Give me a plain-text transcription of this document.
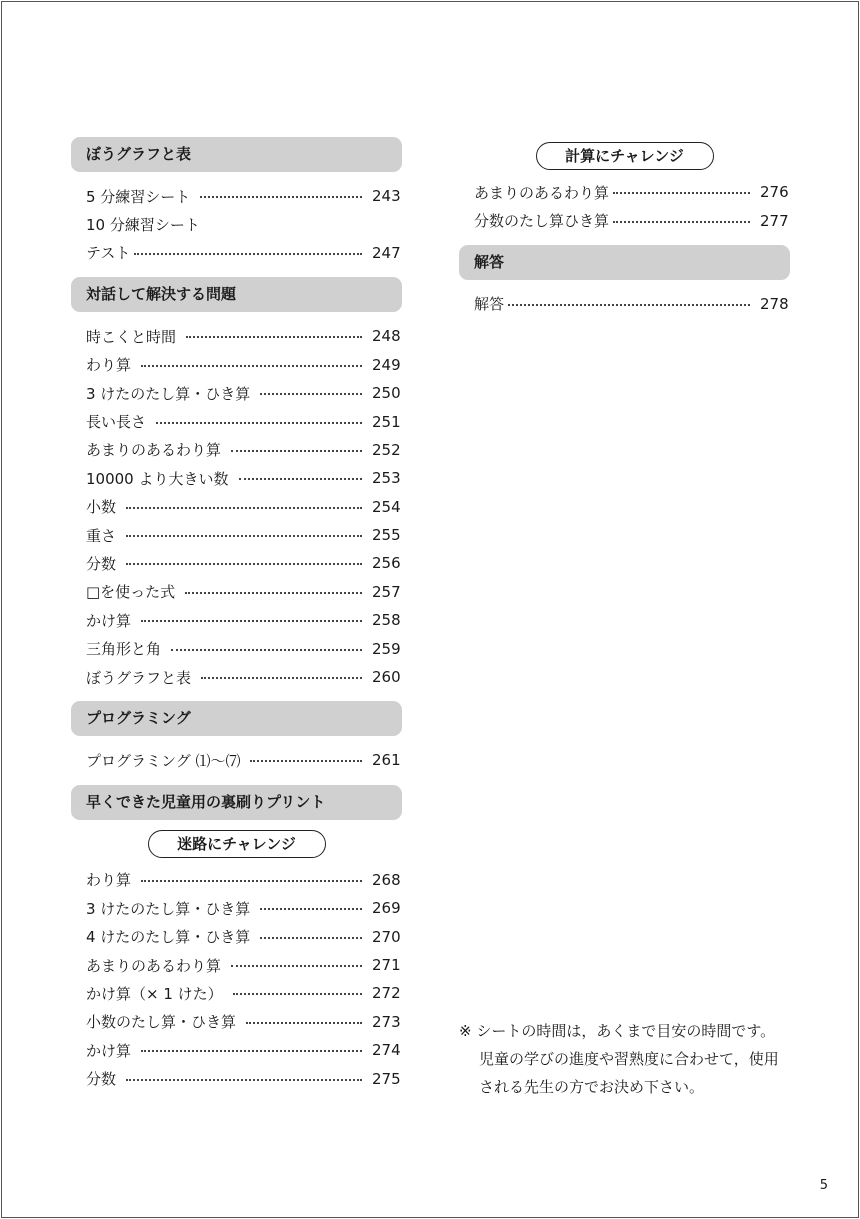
ぼうグラフと表
5 分練習シート	243
10 分練習シート
テスト	247
対話して解決する問題
時こくと時間	248
わり算	249
3 けたのたし算・ひき算	250
長い長さ	251
あまりのあるわり算	252
10000 より大きい数	253
小数	254
重さ	255
分数	256
□を使った式	257
かけ算	258
三角形と角	259
ぼうグラフと表	260
プログラミング
プログラミング ⑴～⑺	261
早くできた児童用の裏刷りプリント
迷路にチャレンジ
わり算	268
3 けたのたし算・ひき算	269
4 けたのたし算・ひき算	270
あまりのあるわり算	271
かけ算（× 1 けた）	272
小数のたし算・ひき算	273
かけ算	274
分数	275
計算にチャレンジ
あまりのあるわり算	276
分数のたし算ひき算	277
解答
解答	278
※ シートの時間は，あくまで目安の時間です。
児童の学びの進度や習熟度に合わせて，使用
される先生の方でお決め下さい。
5
